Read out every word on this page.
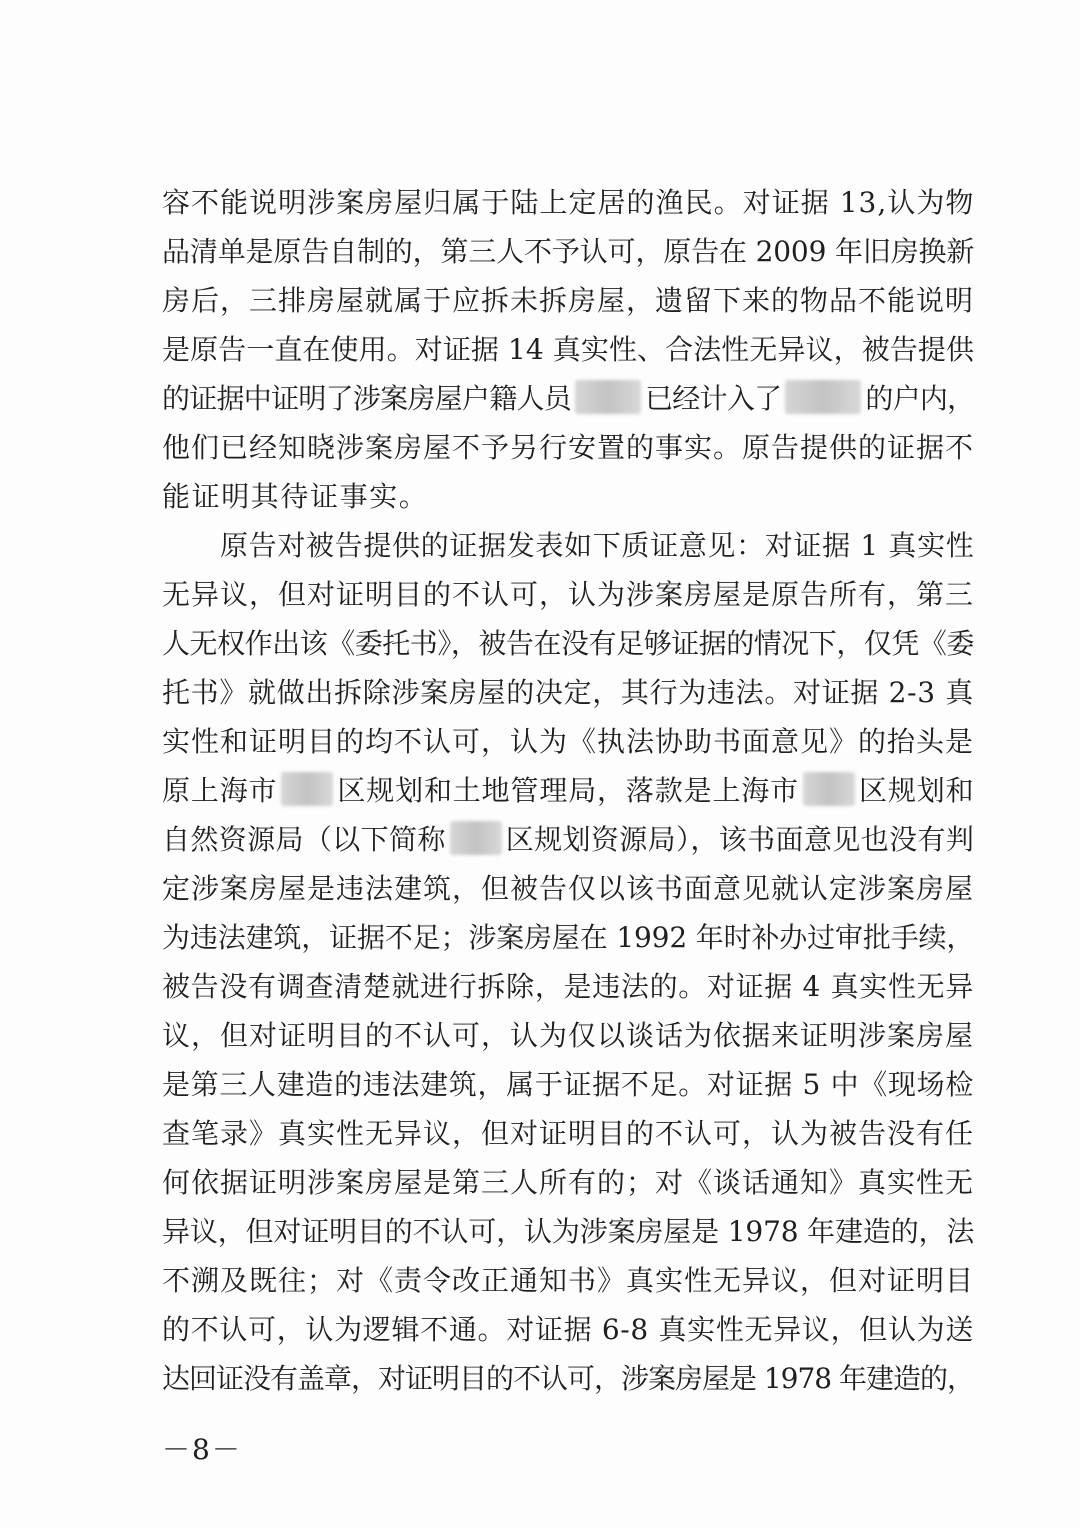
容不能说明涉案房屋归属于陆上定居的渔民。对证据 13,认为物
品清单是原告自制的，第三人不予认可，原告在 2009 年旧房换新
房后，三排房屋就属于应拆未拆房屋，遗留下来的物品不能说明
是原告一直在使用。对证据 14 真实性、合法性无异议，被告提供
的证据中证明了涉案房屋户籍人员	已经计入了	的户内，
他们已经知晓涉案房屋不予另行安置的事实。原告提供的证据不
能证明其待证事实。
原告对被告提供的证据发表如下质证意见：对证据 1 真实性
无异议，但对证明目的不认可，认为涉案房屋是原告所有，第三
人无权作出该《委托书》，被告在没有足够证据的情况下，仅凭《委
托书》就做出拆除涉案房屋的决定，其行为违法。对证据 2-3 真
实性和证明目的均不认可，认为《执法协助书面意见》的抬头是
原上海市 区规划和土地管理局，落款是上海市 区规划和
自然资源局（以下简称 区规划资源局），该书面意见也没有判
定涉案房屋是违法建筑，但被告仅以该书面意见就认定涉案房屋
为违法建筑，证据不足；涉案房屋在 1992 年时补办过审批手续，
被告没有调查清楚就进行拆除，是违法的。对证据 4 真实性无异
议，但对证明目的不认可，认为仅以谈话为依据来证明涉案房屋
是第三人建造的违法建筑，属于证据不足。对证据 5 中《现场检
查笔录》真实性无异议，但对证明目的不认可，认为被告没有任
何依据证明涉案房屋是第三人所有的；对《谈话通知》真实性无
异议，但对证明目的不认可，认为涉案房屋是 1978 年建造的，法
不溯及既往；对《责令改正通知书》真实性无异议，但对证明目
的不认可，认为逻辑不通。对证据 6-8 真实性无异议，但认为送
达回证没有盖章，对证明目的不认可，涉案房屋是 1978 年建造的，
－8－
